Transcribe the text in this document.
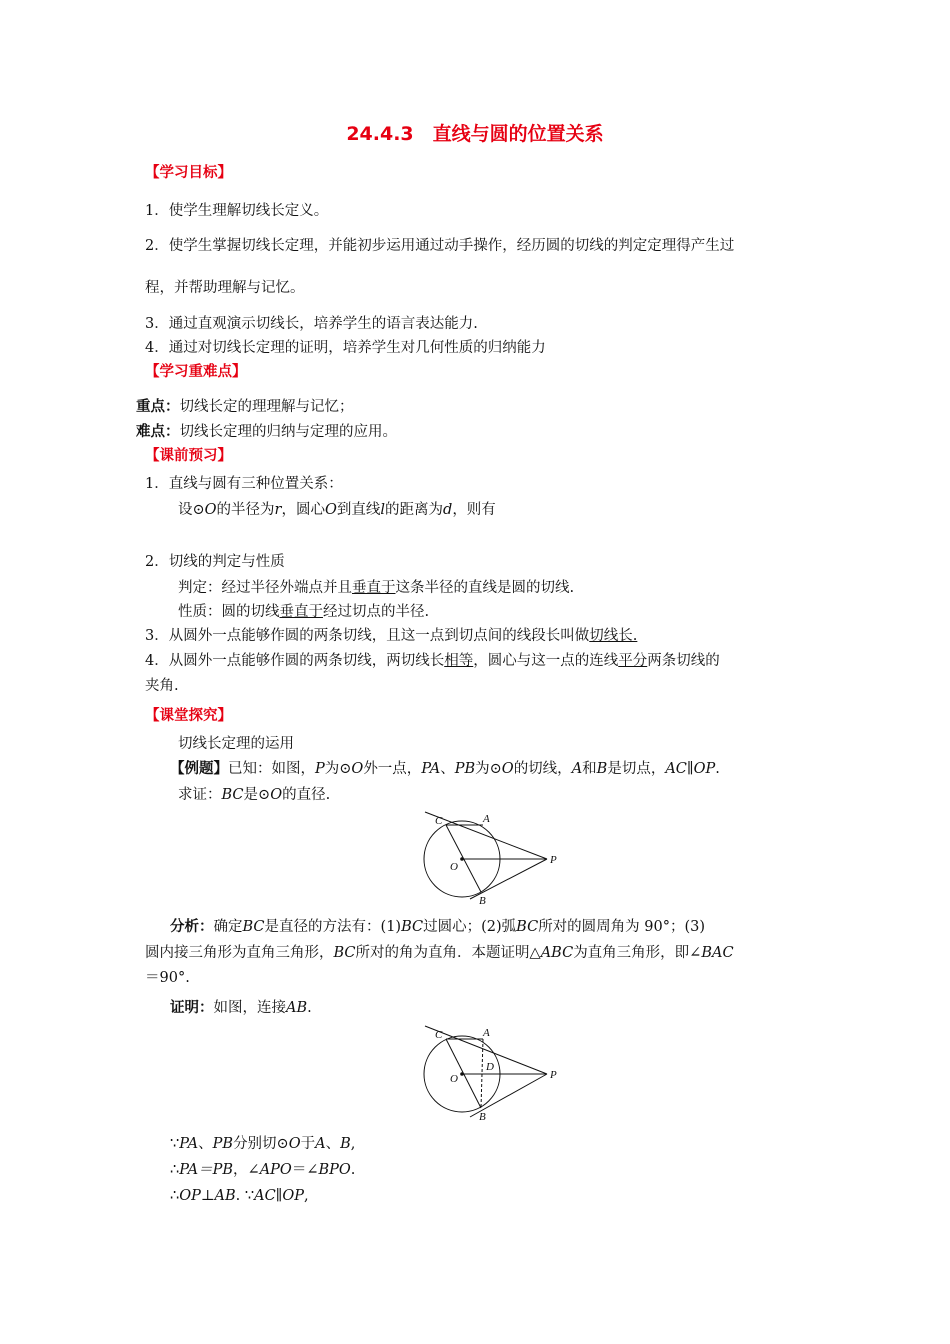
24.4.3　直线与圆的位置关系
【学习目标】
1．使学生理解切线长定义。
2．使学生掌握切线长定理，并能初步运用通过动手操作，经历圆的切线的判定定理得产生过
程，并帮助理解与记忆。
3．通过直观演示切线长，培养学生的语言表达能力.
4．通过对切线长定理的证明，培养学生对几何性质的归纳能力
【学习重难点】
重点：切线长定的理理解与记忆；
难点：切线长定理的归纳与定理的应用。
【课前预习】
1．直线与圆有三种位置关系：
设⊙O的半径为r，圆心O到直线l的距离为d，则有
2．切线的判定与性质
判定：经过半径外端点并且垂直于这条半径的直线是圆的切线.
性质：圆的切线垂直于经过切点的半径.
3．从圆外一点能够作圆的两条切线，且这一点到切点间的线段长叫做切线长.
4．从圆外一点能够作圆的两条切线，两切线长相等，圆心与这一点的连线平分两条切线的
夹角.
【课堂探究】
切线长定理的运用
【例题】已知：如图，P为⊙O外一点，PA、PB为⊙O的切线，A和B是切点，AC∥OP.
求证：BC是⊙O的直径.
C	A
O
P
B
分析：确定BC是直径的方法有：(1)BC过圆心；(2)弧BC所对的圆周角为 90°；(3)
圆内接三角形为直角三角形，BC所对的角为直角．本题证明△ABC为直角三角形，即∠BAC
＝90°.
证明：如图，连接AB.
C	A
O
D
P
B
∵PA、PB分别切⊙O于A、B,
∴PA＝PB，∠APO＝∠BPO.
∴OP⊥AB. ∵AC∥OP,
